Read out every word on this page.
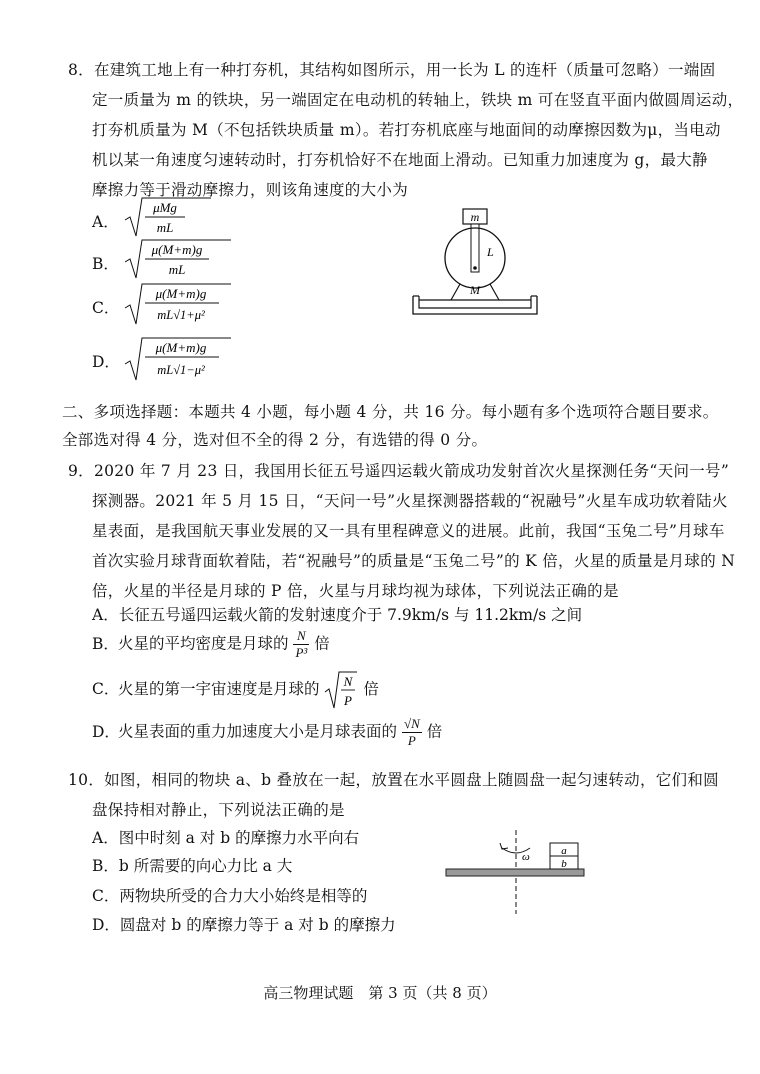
8．在建筑工地上有一种打夯机，其结构如图所示，用一长为 L 的连杆（质量可忽略）一端固
定一质量为 m 的铁块，另一端固定在电动机的转轴上，铁块 m 可在竖直平面内做圆周运动，
打夯机质量为 M（不包括铁块质量 m）。若打夯机底座与地面间的动摩擦因数为μ，当电动
机以某一角速度匀速转动时，打夯机恰好不在地面上滑动。已知重力加速度为 g，最大静
摩擦力等于滑动摩擦力，则该角速度的大小为
A．
μMg
mL
B．
μ(M+m)g
mL
C．
μ(M+m)g
mL√1+μ²
D．
μ(M+m)g
mL√1−μ²
m
L
M
二、多项选择题：本题共 4 小题，每小题 4 分，共 16 分。每小题有多个选项符合题目要求。
全部选对得 4 分，选对但不全的得 2 分，有选错的得 0 分。
9．2020 年 7 月 23 日，我国用长征五号遥四运载火箭成功发射首次火星探测任务“天问一号”
探测器。2021 年 5 月 15 日，“天问一号”火星探测器搭载的“祝融号”火星车成功软着陆火
星表面，是我国航天事业发展的又一具有里程碑意义的进展。此前，我国“玉兔二号”月球车
首次实验月球背面软着陆，若“祝融号”的质量是“玉兔二号”的 K 倍，火星的质量是月球的 N
倍，火星的半径是月球的 P 倍，火星与月球均视为球体，下列说法正确的是
A．长征五号遥四运载火箭的发射速度介于 7.9km/s 与 11.2km/s 之间
B．火星的平均密度是月球的 $\frac{N}{\text{P³}}$ 倍
C．火星的第一宇宙速度是月球的 N
P
倍
D．火星表面的重力加速度大小是月球表面的 $\frac{√N}{P}$ 倍
10．如图，相同的物块 a、b 叠放在一起，放置在水平圆盘上随圆盘一起匀速转动，它们和圆
盘保持相对静止，下列说法正确的是
A．图中时刻 a 对 b 的摩擦力水平向右
B．b 所需要的向心力比 a 大
C．两物块所受的合力大小始终是相等的
D．圆盘对 b 的摩擦力等于 a 对 b 的摩擦力
ω	a
b
高三物理试题　第 3 页（共 8 页）
